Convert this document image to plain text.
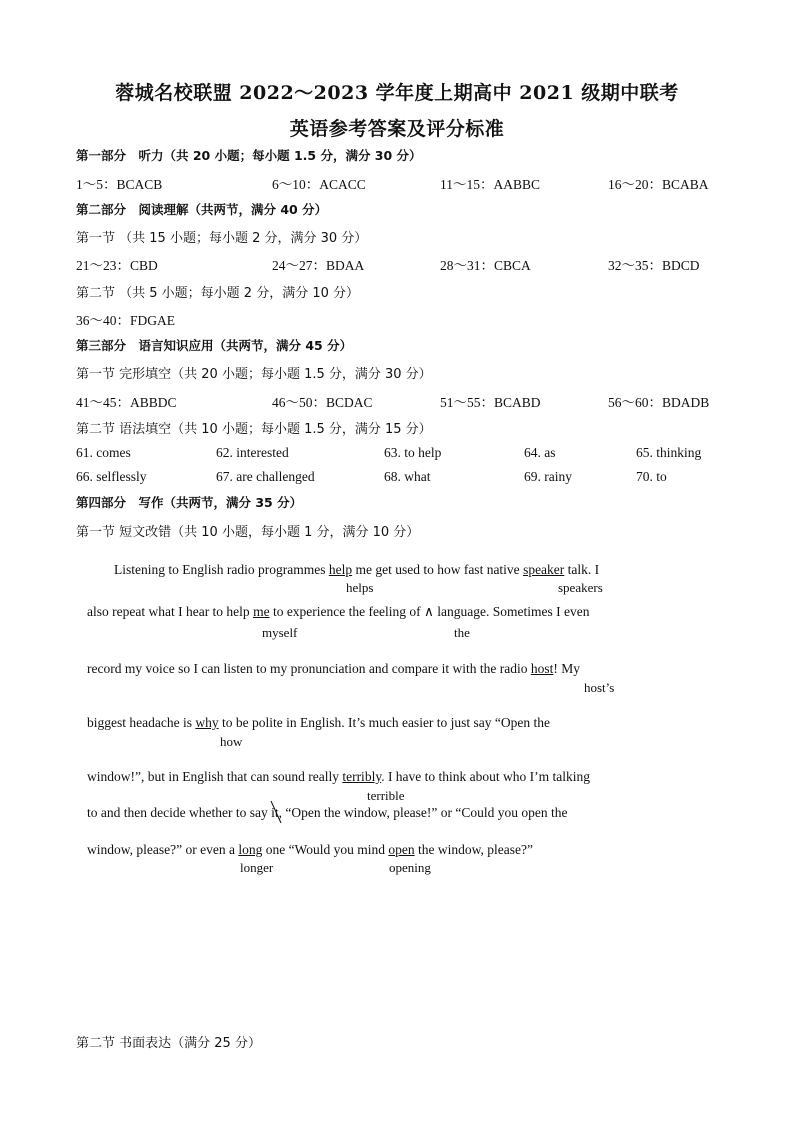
蓉城名校联盟 2022～2023 学年度上期高中 2021 级期中联考
英语参考答案及评分标准
第一部分　听力（共 20 小题；每小题 1.5 分，满分 30 分）
1～5：BCACB	6～10：ACACC	11～15：AABBC	16～20：BCABA
第二部分　阅读理解（共两节，满分 40 分）
第一节 （共 15 小题；每小题 2 分，满分 30 分）
21～23：CBD	24～27：BDAA	28～31：CBCA	32～35：BDCD
第二节 （共 5 小题；每小题 2 分，满分 10 分）
36～40：FDGAE
第三部分　语言知识应用（共两节，满分 45 分）
第一节 完形填空（共 20 小题；每小题 1.5 分，满分 30 分）
41～45：ABBDC	46～50：BCDAC	51～55：BCABD	56～60：BDADB
第二节 语法填空（共 10 小题；每小题 1.5 分，满分 15 分）
61. comes	62. interested	63. to help	64. as	65. thinking
66. selflessly	67. are challenged	68. what	69. rainy	70. to
第四部分　写作（共两节，满分 35 分）
第一节 短文改错（共 10 小题，每小题 1 分，满分 10 分）
Listening to English radio programmes help me get used to how fast native speaker talk. I
helps	speakers
also repeat what I hear to help me to experience the feeling of ∧ language. Sometimes I even
myself	the
record my voice so I can listen to my pronunciation and compare it with the radio host! My
host’s
biggest headache is why to be polite in English. It’s much easier to just say “Open the
how
window!”, but in English that can sound really terribly. I have to think about who I’m talking
terrible
to and then decide whether to say it
, “Open the window, please!” or “Could you open the
window, please?” or even a long one “Would you mind open the window, please?”
longer	opening
第二节 书面表达（满分 25 分）
